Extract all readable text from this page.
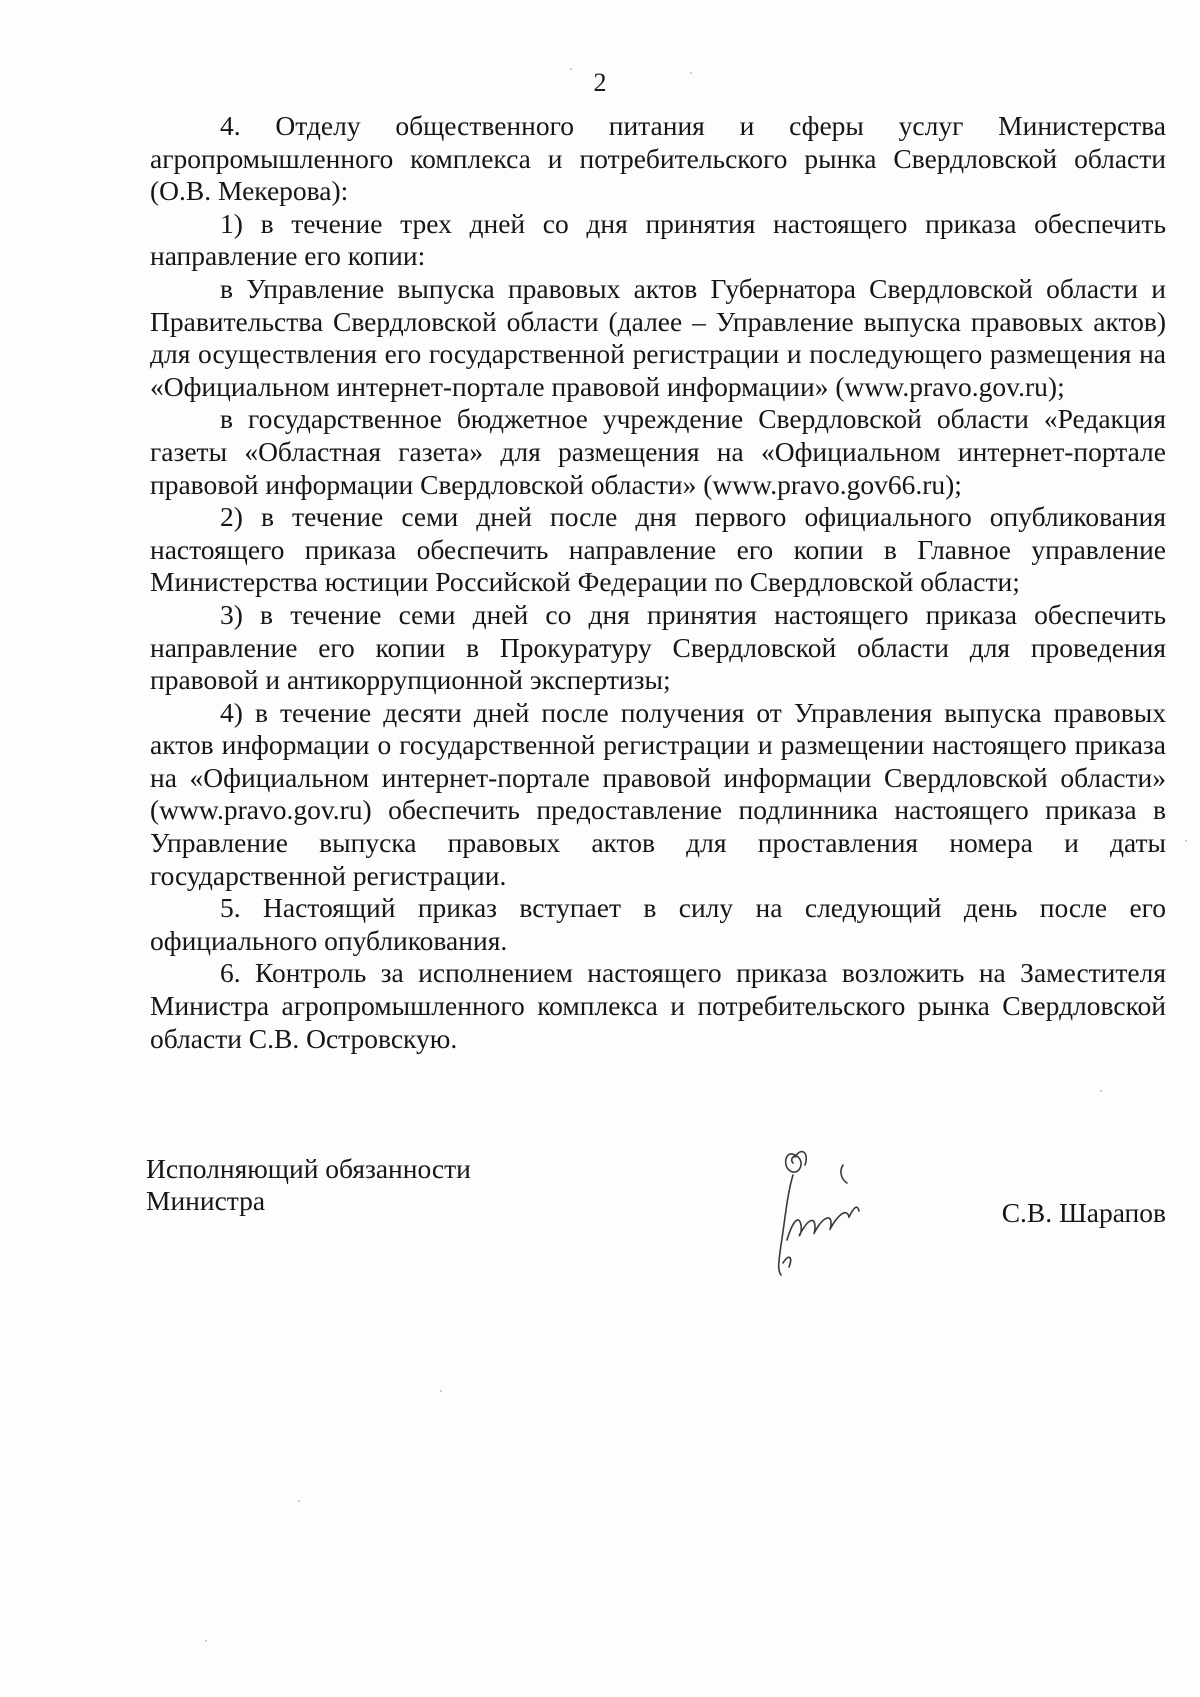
2

4. Отделу общественного питания и сферы услуг Министерства агропромышленного комплекса и потребительского рынка Свердловской области (О.В. Мекерова):

1) в течение трех дней со дня принятия настоящего приказа обеспечить направление его копии:

в Управление выпуска правовых актов Губернатора Свердловской области и Правительства Свердловской области (далее – Управление выпуска правовых актов) для осуществления его государственной регистрации и последующего размещения на «Официальном интернет-портале правовой информации» (www.pravo.gov.ru);

в государственное бюджетное учреждение Свердловской области «Редакция газеты «Областная газета» для размещения на «Официальном интернет-портале правовой информации Свердловской области» (www.pravo.gov66.ru);

2) в течение семи дней после дня первого официального опубликования настоящего приказа обеспечить направление его копии в Главное управление Министерства юстиции Российской Федерации по Свердловской области;

3) в течение семи дней со дня принятия настоящего приказа обеспечить направление его копии в Прокуратуру Свердловской области для проведения правовой и антикоррупционной экспертизы;

4) в течение десяти дней после получения от Управления выпуска правовых актов информации о государственной регистрации и размещении настоящего приказа на «Официальном интернет-портале правовой информации Свердловской области» (www.pravo.gov.ru) обеспечить предоставление подлинника настоящего приказа в Управление выпуска правовых актов для проставления номера и даты государственной регистрации.

5. Настоящий приказ вступает в силу на следующий день после его официального опубликования.

6. Контроль за исполнением настоящего приказа возложить на Заместителя Министра агропромышленного комплекса и потребительского рынка Свердловской области С.В. Островскую.

Исполняющий обязанности
Министра	С.В. Шарапов
